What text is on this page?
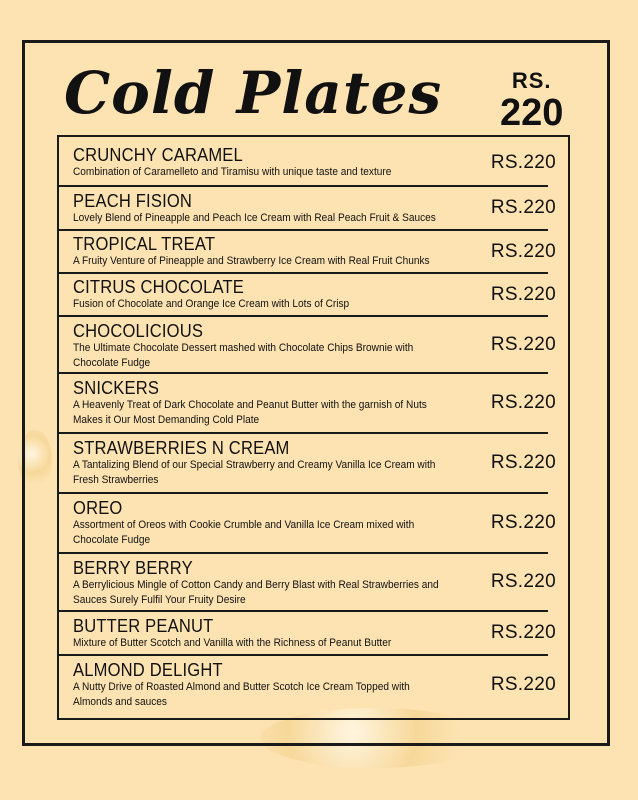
Cold Plates	RS.
220
CRUNCHY CARAMEL
Combination of Caramelleto and Tiramisu with unique taste and texture	RS.220
PEACH FISION
Lovely Blend of Pineapple and Peach Ice Cream with Real Peach Fruit & Sauces	RS.220
TROPICAL TREAT
A Fruity Venture of Pineapple and Strawberry Ice Cream with Real Fruit Chunks	RS.220
CITRUS CHOCOLATE
Fusion of Chocolate and Orange Ice Cream with Lots of Crisp	RS.220
CHOCOLICIOUS
The Ultimate Chocolate Dessert mashed with Chocolate Chips Brownie with Chocolate Fudge
RS.220
SNICKERS
A Heavenly Treat of Dark Chocolate and Peanut Butter with the garnish of Nuts Makes it Our Most Demanding Cold Plate
RS.220
STRAWBERRIES N CREAM
A Tantalizing Blend of our Special Strawberry and Creamy Vanilla Ice Cream with Fresh Strawberries
RS.220
OREO
Assortment of Oreos with Cookie Crumble and Vanilla Ice Cream mixed with Chocolate Fudge
RS.220
BERRY BERRY
A Berrylicious Mingle of Cotton Candy and Berry Blast with Real Strawberries and Sauces Surely Fulfil Your Fruity Desire
RS.220
BUTTER PEANUT
Mixture of Butter Scotch and Vanilla with the Richness of Peanut Butter	RS.220
ALMOND DELIGHT
A Nutty Drive of Roasted Almond and Butter Scotch Ice Cream Topped with Almonds and sauces
RS.220
